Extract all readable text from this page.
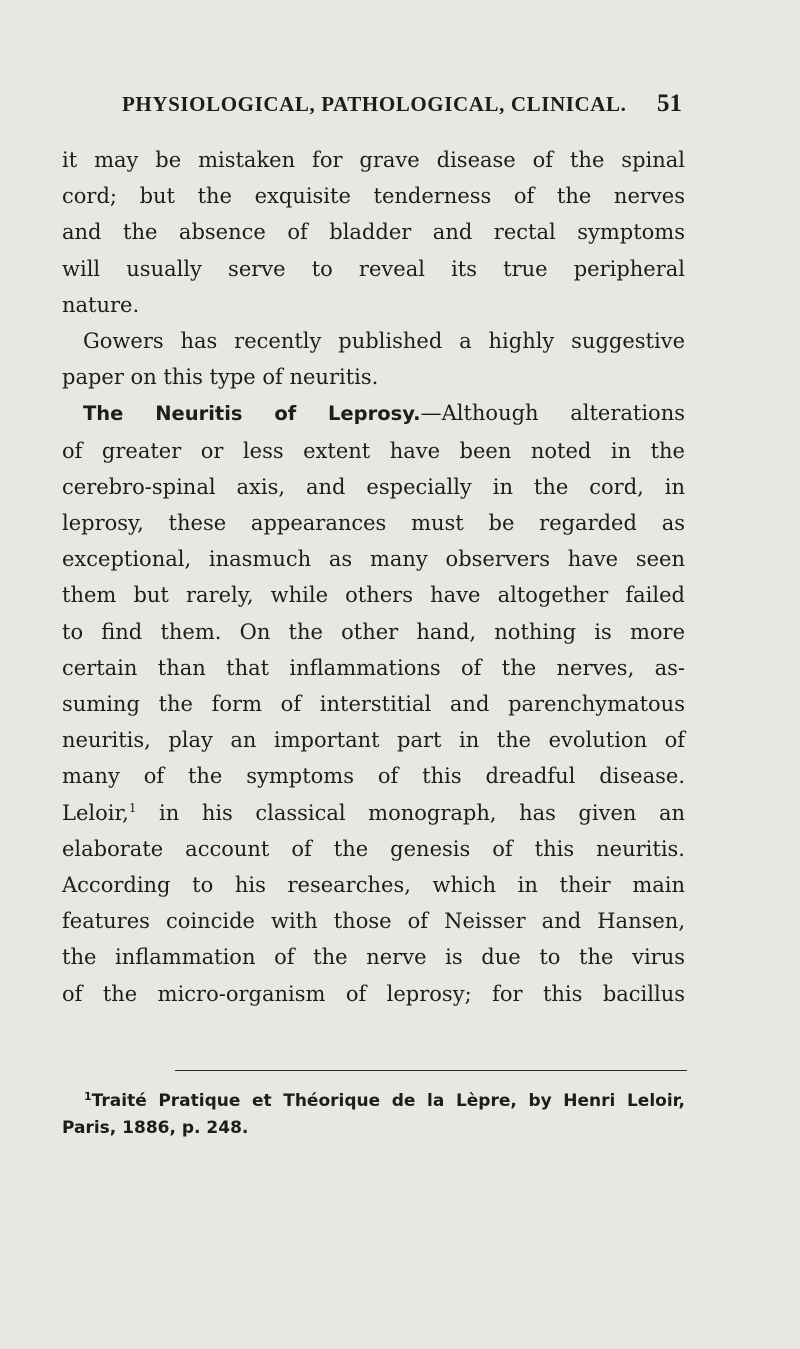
PHYSIOLOGICAL, PATHOLOGICAL, CLINICAL. 51
it may be mistaken for grave disease of the spinal
cord; but the exquisite tenderness of the nerves
and the absence of bladder and rectal symptoms
will usually serve to reveal its true peripheral
nature.
Gowers has recently published a highly suggestive
paper on this type of neuritis.
The Neuritis of Leprosy.—Although alterations
of greater or less extent have been noted in the
cerebro-spinal axis, and especially in the cord, in
leprosy, these appearances must be regarded as
exceptional, inasmuch as many observers have seen
them but rarely, while others have altogether failed
to find them. On the other hand, nothing is more
certain than that inflammations of the nerves, as-
suming the form of interstitial and parenchymatous
neuritis, play an important part in the evolution of
many of the symptoms of this dreadful disease.
Leloir,$^1$ in his classical monograph, has given an
elaborate account of the genesis of this neuritis.
According to his researches, which in their main
features coincide with those of Neisser and Hansen,
the inflammation of the nerve is due to the virus
of the micro-organism of leprosy; for this bacillus
$^1$Traité Pratique et Théorique de la Lèpre, by Henri Leloir,
Paris, 1886, p. 248.
